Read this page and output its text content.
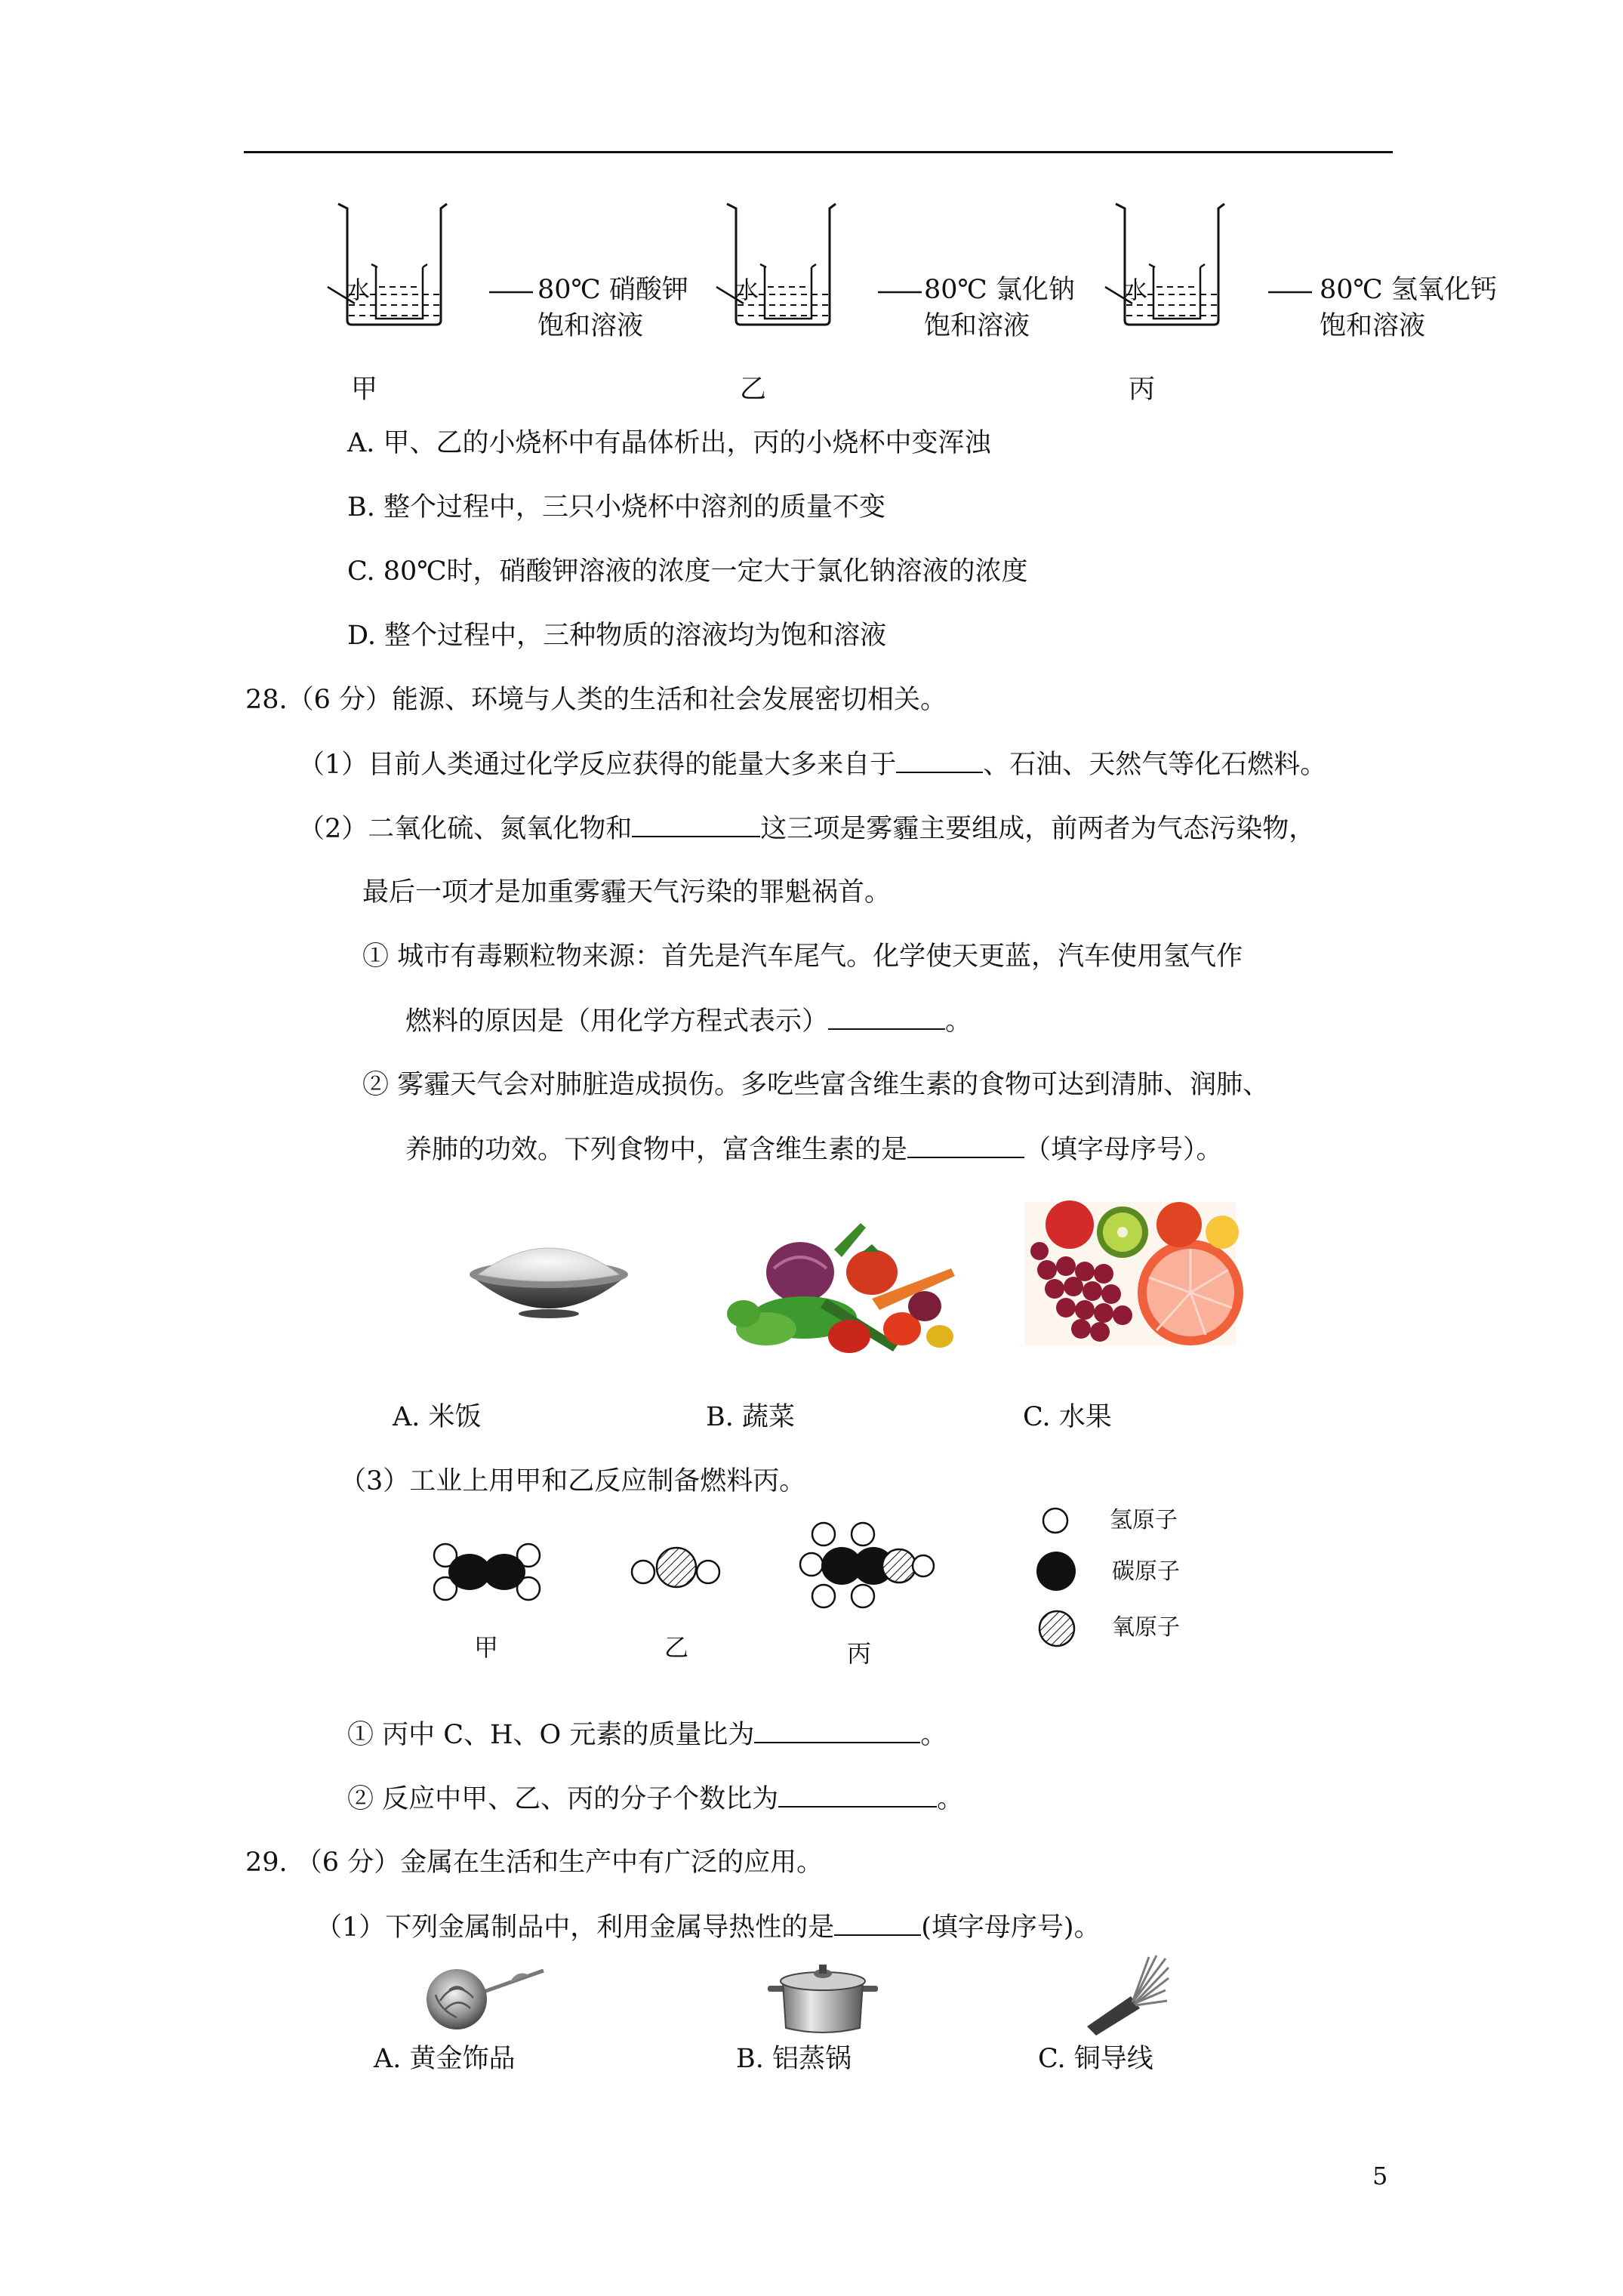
水	80℃ 硝酸钾
饱和溶液
甲
水	80℃ 氯化钠
饱和溶液
乙
水	80℃ 氢氧化钙
饱和溶液
丙
A. 甲、乙的小烧杯中有晶体析出，丙的小烧杯中变浑浊
B. 整个过程中，三只小烧杯中溶剂的质量不变
C. 80℃时，硝酸钾溶液的浓度一定大于氯化钠溶液的浓度
D. 整个过程中，三种物质的溶液均为饱和溶液
28.（6 分）能源、环境与人类的生活和社会发展密切相关。
（1）目前人类通过化学反应获得的能量大多来自于	、石油、天然气等化石燃料。
（2）二氧化硫、氮氧化物和	这三项是雾霾主要组成，前两者为气态污染物，
最后一项才是加重雾霾天气污染的罪魁祸首。
① 城市有毒颗粒物来源：首先是汽车尾气。化学使天更蓝，汽车使用氢气作
燃料的原因是（用化学方程式表示）	。
② 雾霾天气会对肺脏造成损伤。多吃些富含维生素的食物可达到清肺、润肺、
养肺的功效。下列食物中，富含维生素的是	（填字母序号）。
A. 米饭	B. 蔬菜	C. 水果
（3）工业上用甲和乙反应制备燃料丙。
甲	乙	丙
氢原子
碳原子
氧原子
① 丙中 C、H、O 元素的质量比为	。
② 反应中甲、乙、丙的分子个数比为	。
29. （6 分）金属在生活和生产中有广泛的应用。
（1）下列金属制品中，利用金属导热性的是	(填字母序号)。
A. 黄金饰品	B. 铝蒸锅	C. 铜导线
5
